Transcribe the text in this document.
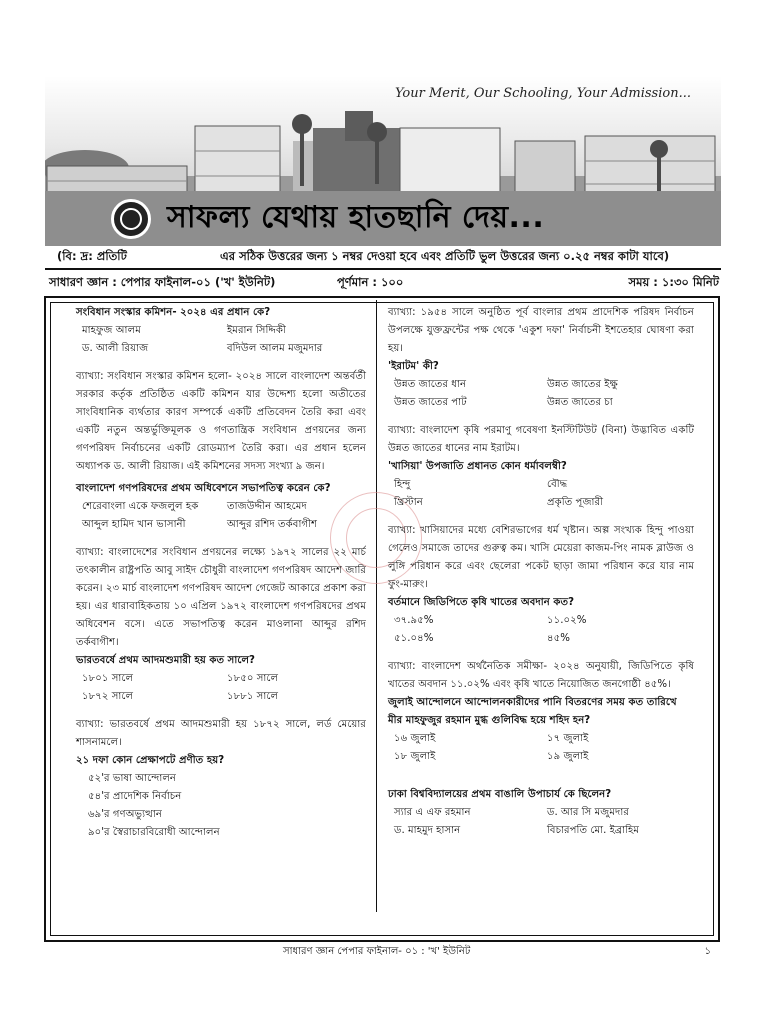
Your Merit, Our Schooling, Your Admission...
সাফল্য যেথায় হাতছানি দেয়...
(বি: দ্র: প্রতিটি	এর সঠিক উত্তরের জন্য ১ নম্বর দেওয়া হবে এবং প্রতিটি ভুল উত্তরের জন্য ০.২৫ নম্বর কাটা যাবে)
সাধারণ জ্ঞান : পেপার ফাইনাল-০১ ('খ' ইউনিট)	পূর্ণমান : ১০০	সময় : ১:৩০ মিনিট

সংবিধান সংস্কার কমিশন- ২০২৪ এর প্রধান কে?

মাহফুজ আলম	ইমরান সিদ্দিকী
ড. আলী রিয়াজ	বদিউল আলম মজুমদার

ব্যাখ্যা: সংবিধান সংস্কার কমিশন হলো- ২০২৪ সালে বাংলাদেশ অন্তর্বর্তী সরকার কর্তৃক প্রতিষ্ঠিত একটি কমিশন যার উদ্দেশ্য হলো অতীতের সাংবিধানিক ব্যর্থতার কারণ সম্পর্কে একটি প্রতিবেদন তৈরি করা এবং একটি নতুন অন্তর্ভুক্তিমূলক ও গণতান্ত্রিক সংবিধান প্রণয়নের জন্য গণপরিষদ নির্বাচনের একটি রোডম্যাপ তৈরি করা। এর প্রধান হলেন অধ্যাপক ড. আলী রিয়াজ। এই কমিশনের সদস্য সংখ্যা ৯ জন।

বাংলাদেশ গণপরিষদের প্রথম অধিবেশনে সভাপতিত্ব করেন কে?

শেরেবাংলা একে ফজলুল হক	তাজউদ্দীন আহমেদ
আব্দুল হামিদ খান ভাসানী	আব্দুর রশিদ তর্কবাগীশ

ব্যাখ্যা: বাংলাদেশের সংবিধান প্রণয়নের লক্ষ্যে ১৯৭২ সালের ২২ মার্চ তৎকালীন রাষ্ট্রপতি আবু সাইদ চৌধুরী বাংলাদেশ গণপরিষদ আদেশ জারি করেন। ২৩ মার্চ বাংলাদেশ গণপরিষদ আদেশ গেজেট আকারে প্রকাশ করা হয়। এর ধারাবাহিকতায় ১০ এপ্রিল ১৯৭২ বাংলাদেশ গণপরিষদের প্রথম অধিবেশন বসে। এতে সভাপতিত্ব করেন মাওলানা আব্দুর রশিদ তর্কবাগীশ।

ভারতবর্ষে প্রথম আদমশুমারী হয় কত সালে?

১৮০১ সালে	১৮৫০ সালে
১৮৭২ সালে	১৮৮১ সালে

ব্যাখ্যা: ভারতবর্ষে প্রথম আদমশুমারী হয় ১৮৭২ সালে, লর্ড মেয়োর শাসনামলে।

২১ দফা কোন প্রেক্ষাপটে প্রণীত হয়?

৫২'র ভাষা আন্দোলন
৫৪'র প্রাদেশিক নির্বাচন
৬৯'র গণঅভ্যুত্থান
৯০'র স্বৈরাচারবিরোধী আন্দোলন

ব্যাখ্যা: ১৯৫৪ সালে অনুষ্ঠিত পূর্ব বাংলার প্রথম প্রাদেশিক পরিষদ নির্বাচন উপলক্ষে যুক্তফ্রন্টের পক্ষ থেকে 'একুশ দফা' নির্বাচনী ইশতেহার ঘোষণা করা হয়।

'ইরাটম' কী?

উন্নত জাতের ধান	উন্নত জাতের ইক্ষু
উন্নত জাতের পাট	উন্নত জাতের চা

ব্যাখ্যা: বাংলাদেশ কৃষি পরমাণু গবেষণা ইনস্টিটিউট (বিনা) উদ্ভাবিত একটি উন্নত জাতের ধানের নাম ইরাটম।

'খাসিয়া' উপজাতি প্রধানত কোন ধর্মাবলম্বী?

হিন্দু	বৌদ্ধ
খ্রিস্টান	প্রকৃতি পূজারী

ব্যাখ্যা: খাসিয়াদের মধ্যে বেশিরভাগের ধর্ম খৃষ্টান। অল্প সংখ্যক হিন্দু পাওয়া গেলেও সমাজে তাদের গুরুত্ব কম। খাসি মেয়েরা কাজম-পিং নামক ব্লাউজ ও লুঙ্গি পরিধান করে এবং ছেলেরা পকেট ছাড়া জামা পরিধান করে যার নাম ফুং-মারুং।

বর্তমানে জিডিপিতে কৃষি খাতের অবদান কত?

৩৭.৯৫%	১১.০২%
৫১.০৪%	৪৫%

ব্যাখ্যা: বাংলাদেশ অর্থনৈতিক সমীক্ষা- ২০২৪ অনুযায়ী, জিডিপিতে কৃষি খাতের অবদান ১১.০২% এবং কৃষি খাতে নিয়োজিত জনগোষ্ঠী ৪৫%।

জুলাই আন্দোলনে আন্দোলনকারীদের পানি বিতরণের সময় কত তারিখে মীর মাহফুজুর রহমান মুগ্ধ গুলিবিদ্ধ হয়ে শহিদ হন?

১৬ জুলাই	১৭ জুলাই
১৮ জুলাই	১৯ জুলাই

ঢাকা বিশ্ববিদ্যালয়ের প্রথম বাঙালি উপাচার্য কে ছিলেন?

স্যার এ এফ রহমান	ড. আর সি মজুমদার
ড. মাহমুদ হাসান	বিচারপতি মো. ইব্রাহিম
সাধারণ জ্ঞান পেপার ফাইনাল- ০১ : 'খ' ইউনিট	১
